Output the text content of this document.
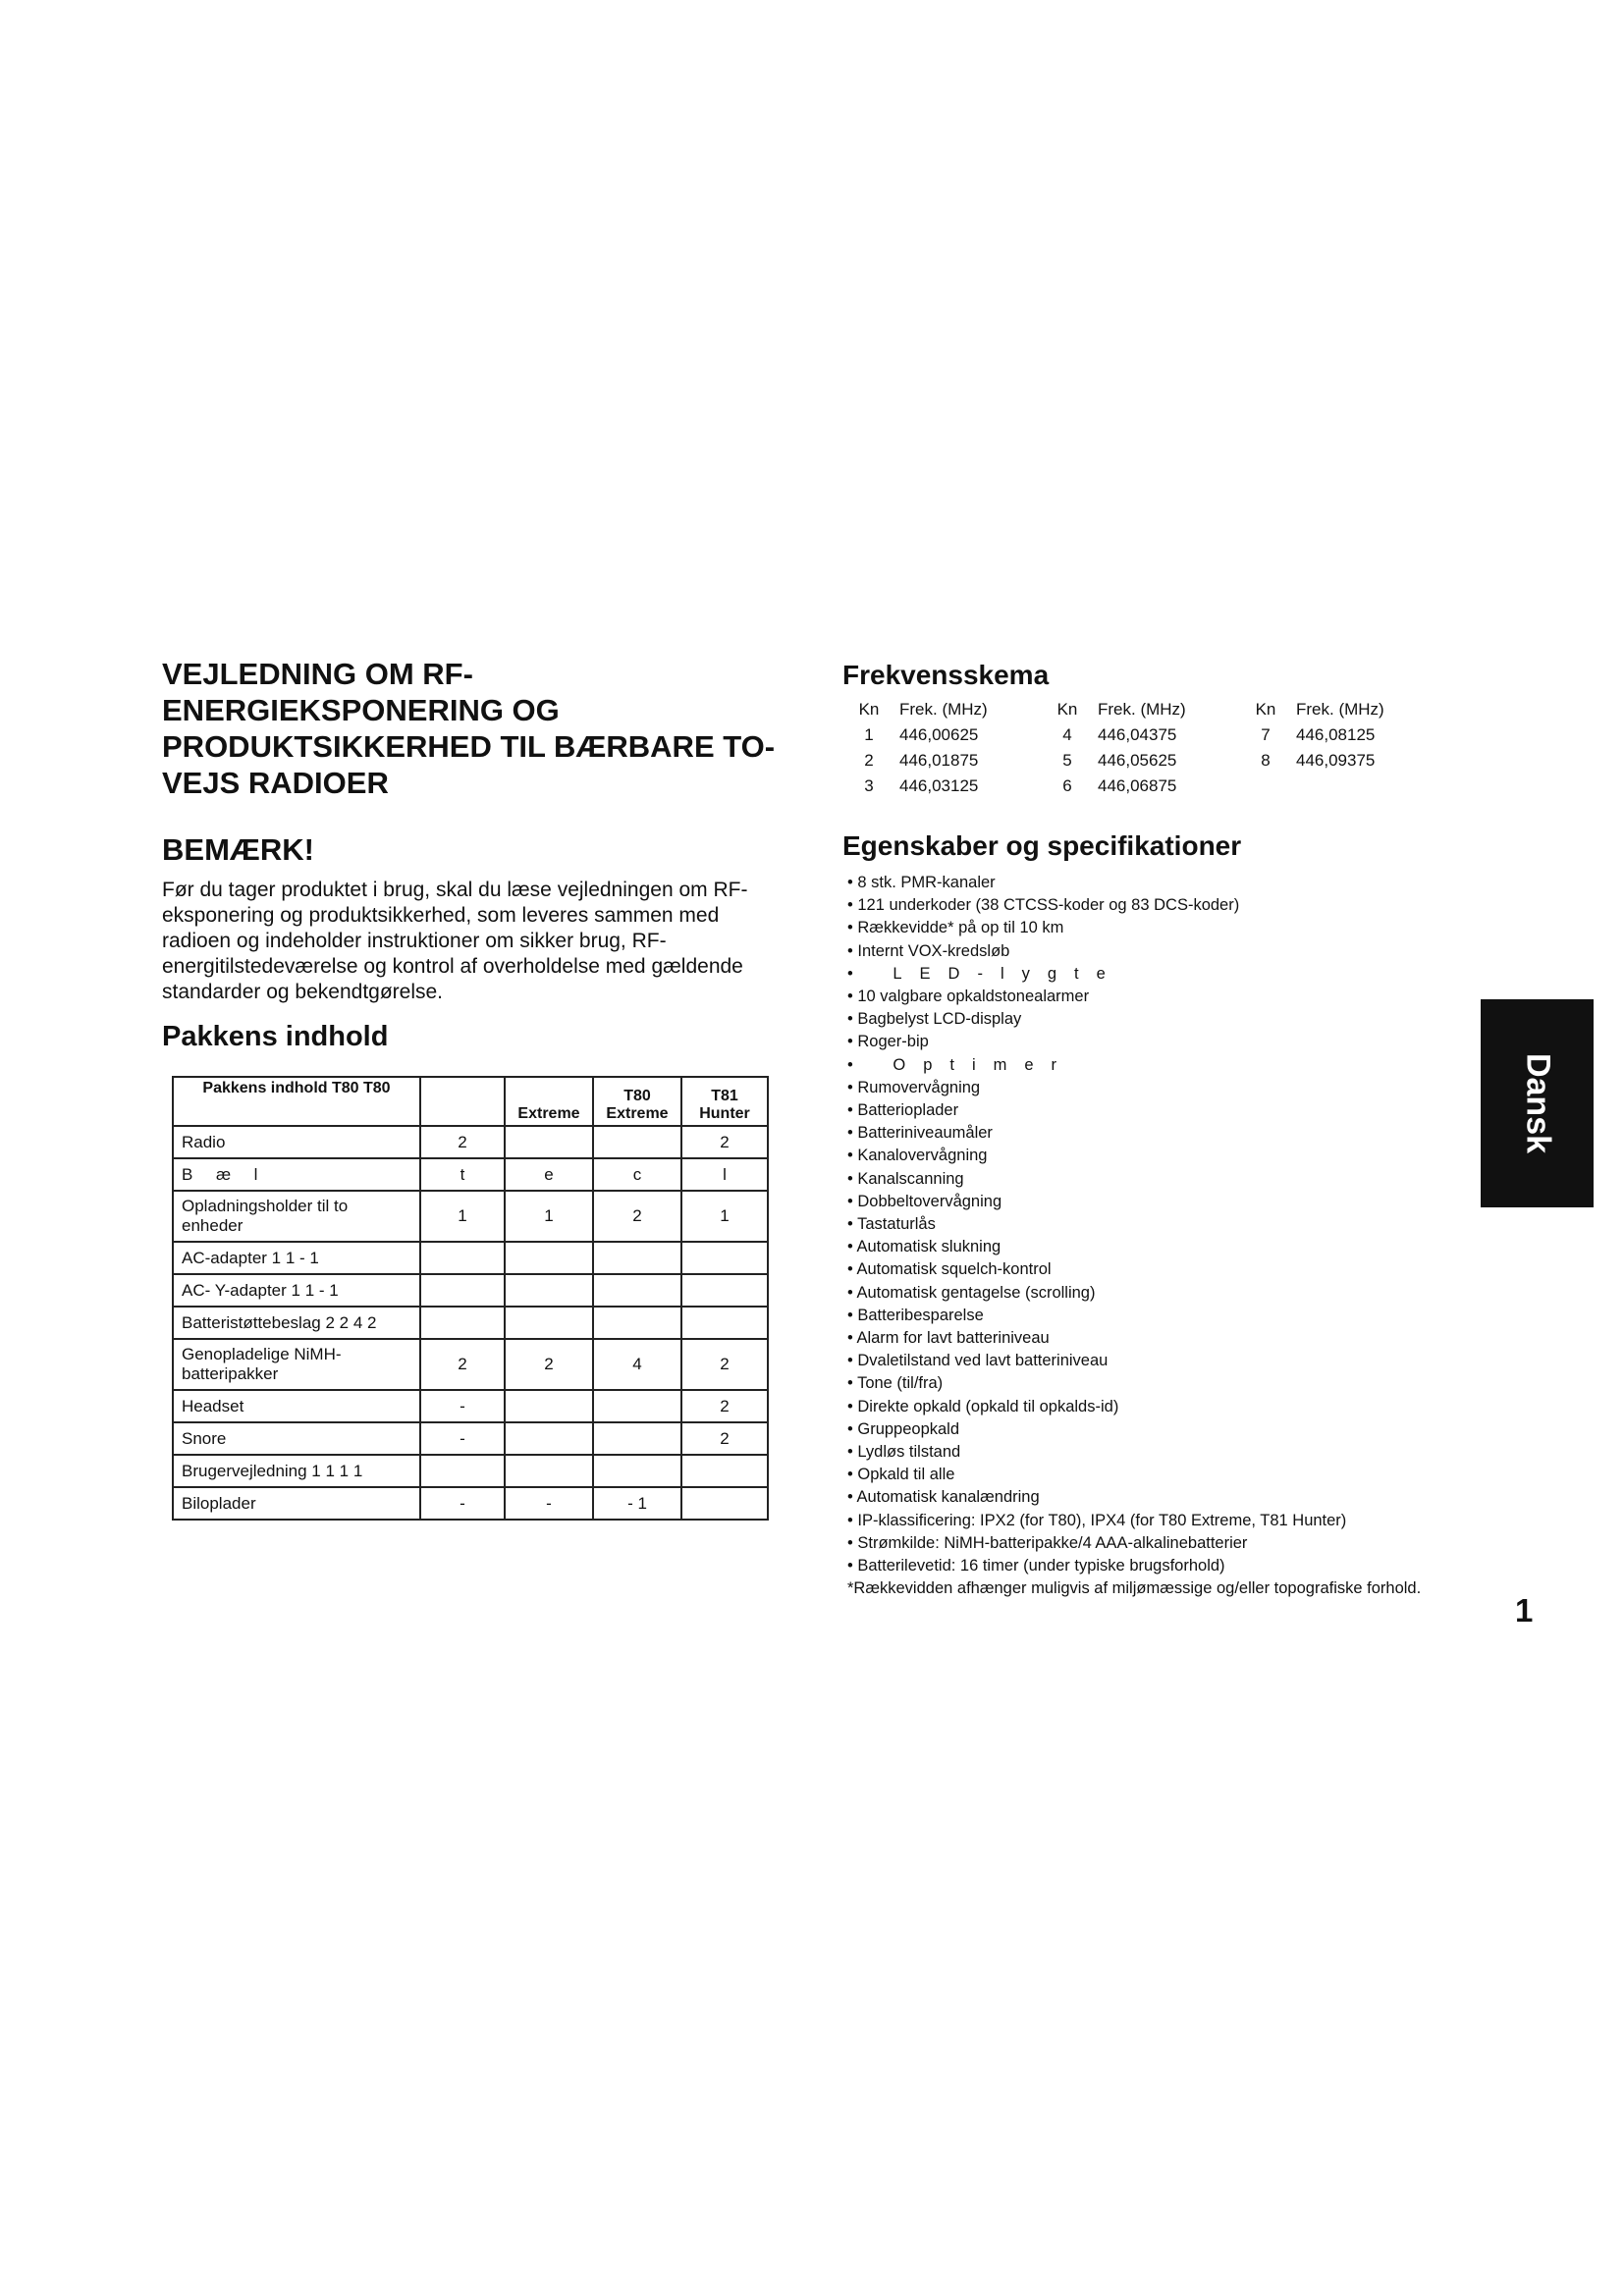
VEJLEDNING OM RF-ENERGIEKSPONERING OG PRODUKTSIKKERHED TIL BÆRBARE TO-VEJS RADIOER
BEMÆRK!

Før du tager produktet i brug, skal du læse vejledningen om RF-eksponering og produktsikkerhed, som leveres sammen med radioen og indeholder instruktioner om sikker brug, RF-energitilstedeværelse og kontrol af overholdelse med gældende standarder og bekendtgørelse.

Pakkens indhold
Pakkens indhold T80 T80		Extreme	T80 Extreme	T81 Hunter
Radio	2			2
B     æ     l	t	e	c	l
Opladningsholder til to enheder	1	1	2	1
AC-adapter 1 1 - 1				
AC- Y-adapter 1 1 - 1				
Batteristøttebeslag 2 2 4 2				
Genopladelige NiMH-batteripakker	2	2	4	2
Headset	-			2
Snore	-			2
Brugervejledning 1 1 1 1				
Biloplader	-	-	- 1	
Frekvensskema
Kn	Frek. (MHz)	Kn	Frek. (MHz)	Kn	Frek. (MHz)
1	446,00625	4	446,04375	7	446,08125
2	446,01875	5	446,05625	8	446,09375
3	446,03125	6	446,06875		
Egenskaber og specifikationer
• 8 stk. PMR-kanaler
• 121 underkoder (38 CTCSS-koder og 83 DCS-koder)
• Rækkevidde* på op til 10 km
• Internt VOX-kredsløb
• LED-lygte
• 10 valgbare opkaldstonealarmer
• Bagbelyst LCD-display
• Roger-bip
• Optimer
• Rumovervågning
• Batterioplader
• Batteriniveaumåler
• Kanalovervågning
• Kanalscanning
• Dobbeltovervågning
• Tastaturlås
• Automatisk slukning
• Automatisk squelch-kontrol
• Automatisk gentagelse (scrolling)
• Batteribesparelse
• Alarm for lavt batteriniveau
• Dvaletilstand ved lavt batteriniveau
• Tone (til/fra)
• Direkte opkald (opkald til opkalds-id)
• Gruppeopkald
• Lydløs tilstand
• Opkald til alle
• Automatisk kanalændring
• IP-klassificering: IPX2 (for T80), IPX4 (for T80 Extreme, T81 Hunter)
• Strømkilde: NiMH-batteripakke/4 AAA-alkalinebatterier
• Batterilevetid: 16 timer (under typiske brugsforhold)

*Rækkevidden afhænger muligvis af miljømæssige og/eller topografiske forhold.

Dansk
1
